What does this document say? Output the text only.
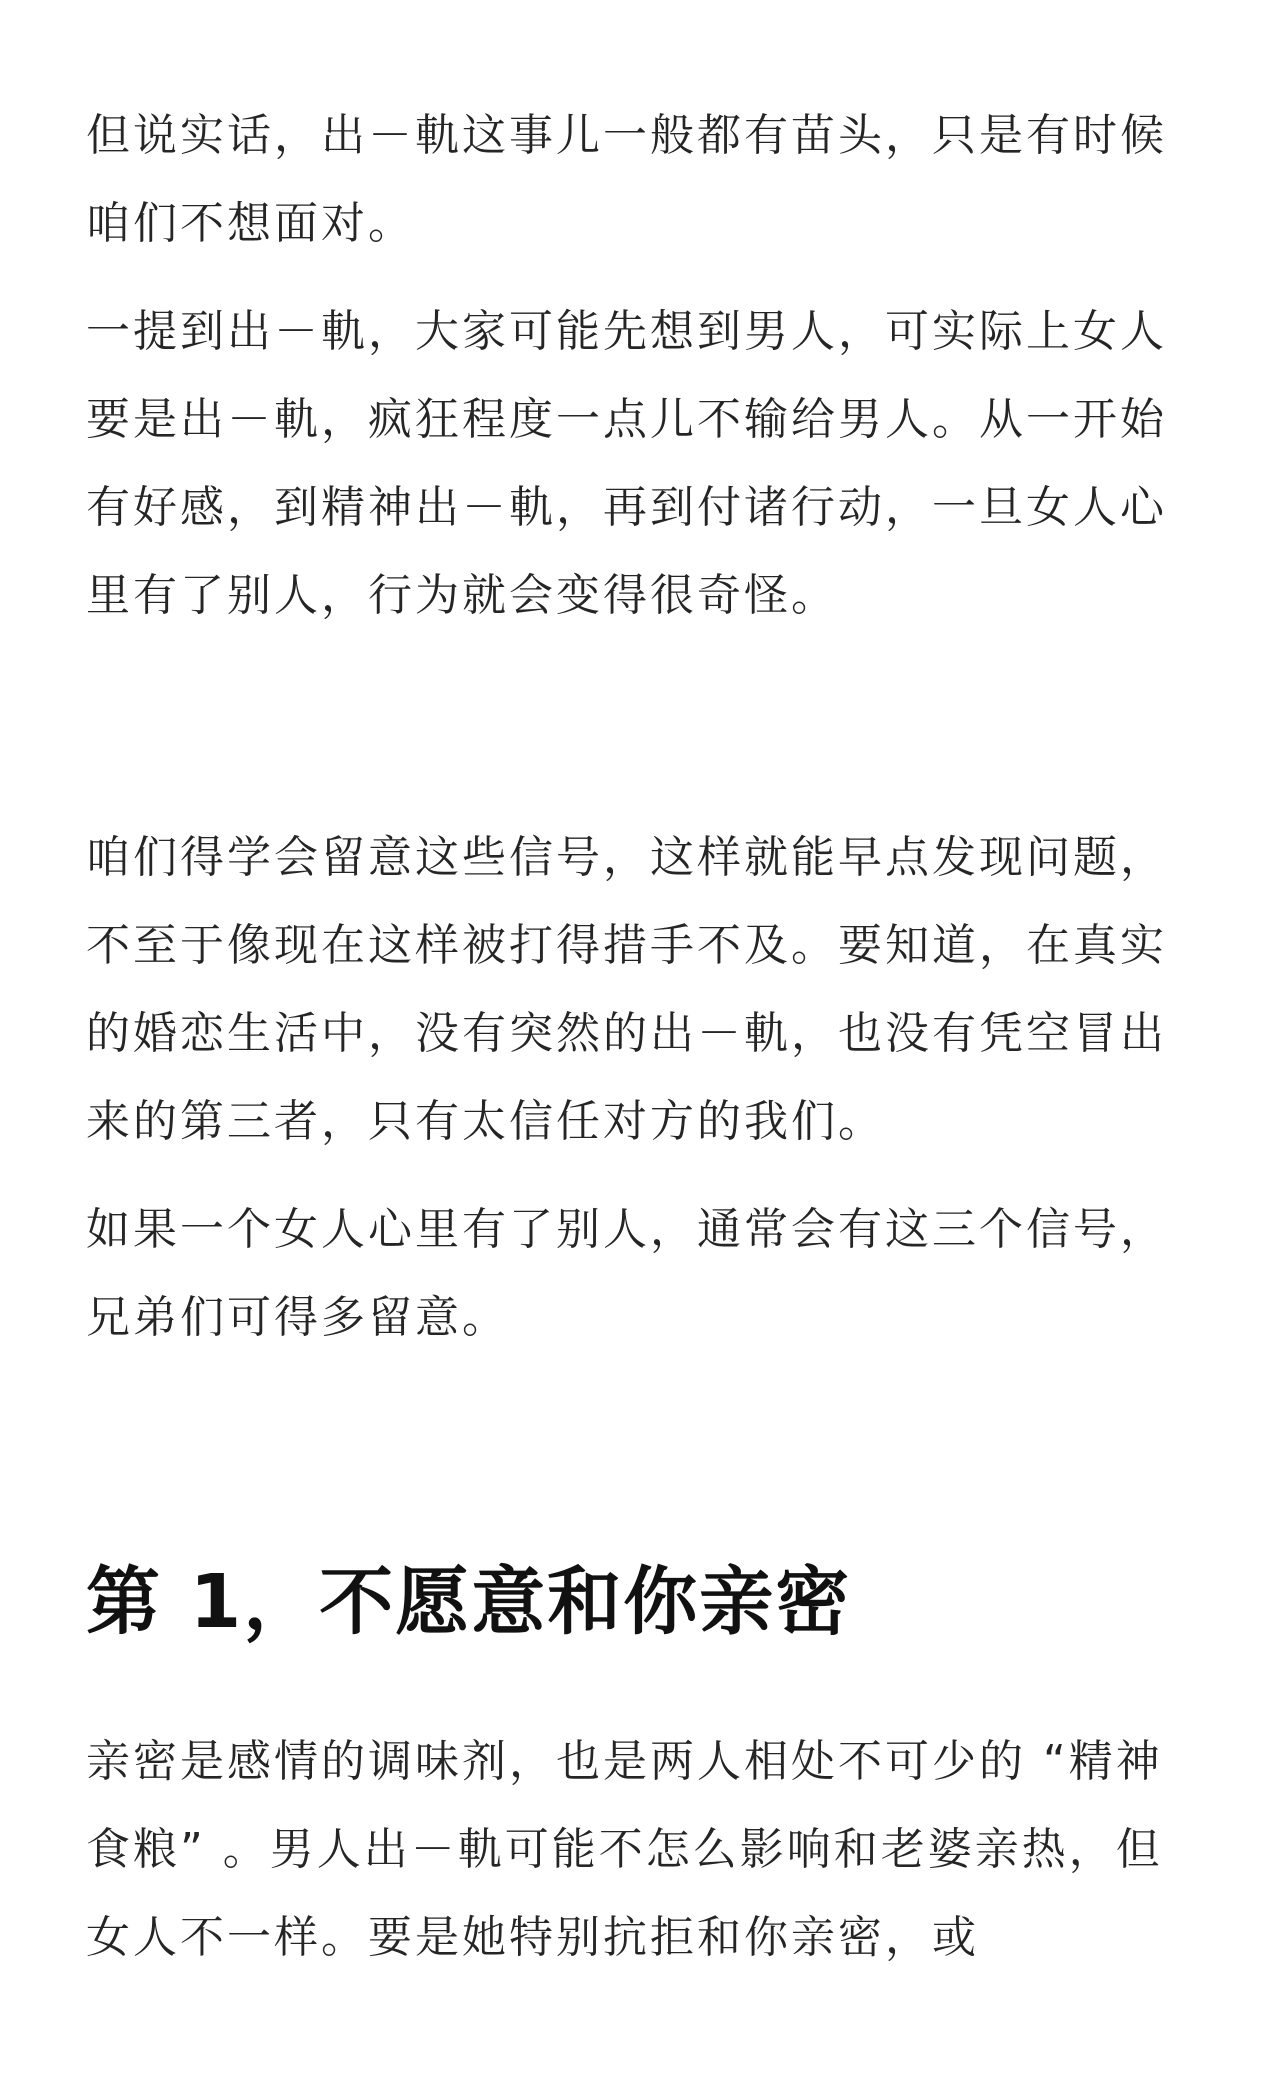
但说实话，出－軌这事儿一般都有苗头，只是有时候咱们不想面对。

一提到出－軌，大家可能先想到男人，可实际上女人要是出－軌，疯狂程度一点儿不输给男人。从一开始有好感，到精神出－軌，再到付诸行动，一旦女人心里有了别人，行为就会变得很奇怪。

咱们得学会留意这些信号，这样就能早点发现问题，不至于像现在这样被打得措手不及。要知道，在真实的婚恋生活中，没有突然的出－軌，也没有凭空冒出来的第三者，只有太信任对方的我们。

如果一个女人心里有了别人，通常会有这三个信号，兄弟们可得多留意。

第 1，不愿意和你亲密

亲密是感情的调味剂，也是两人相处不可少的 “精神食粮” 。男人出－軌可能不怎么影响和老婆亲热，但女人不一样。要是她特别抗拒和你亲密，或
